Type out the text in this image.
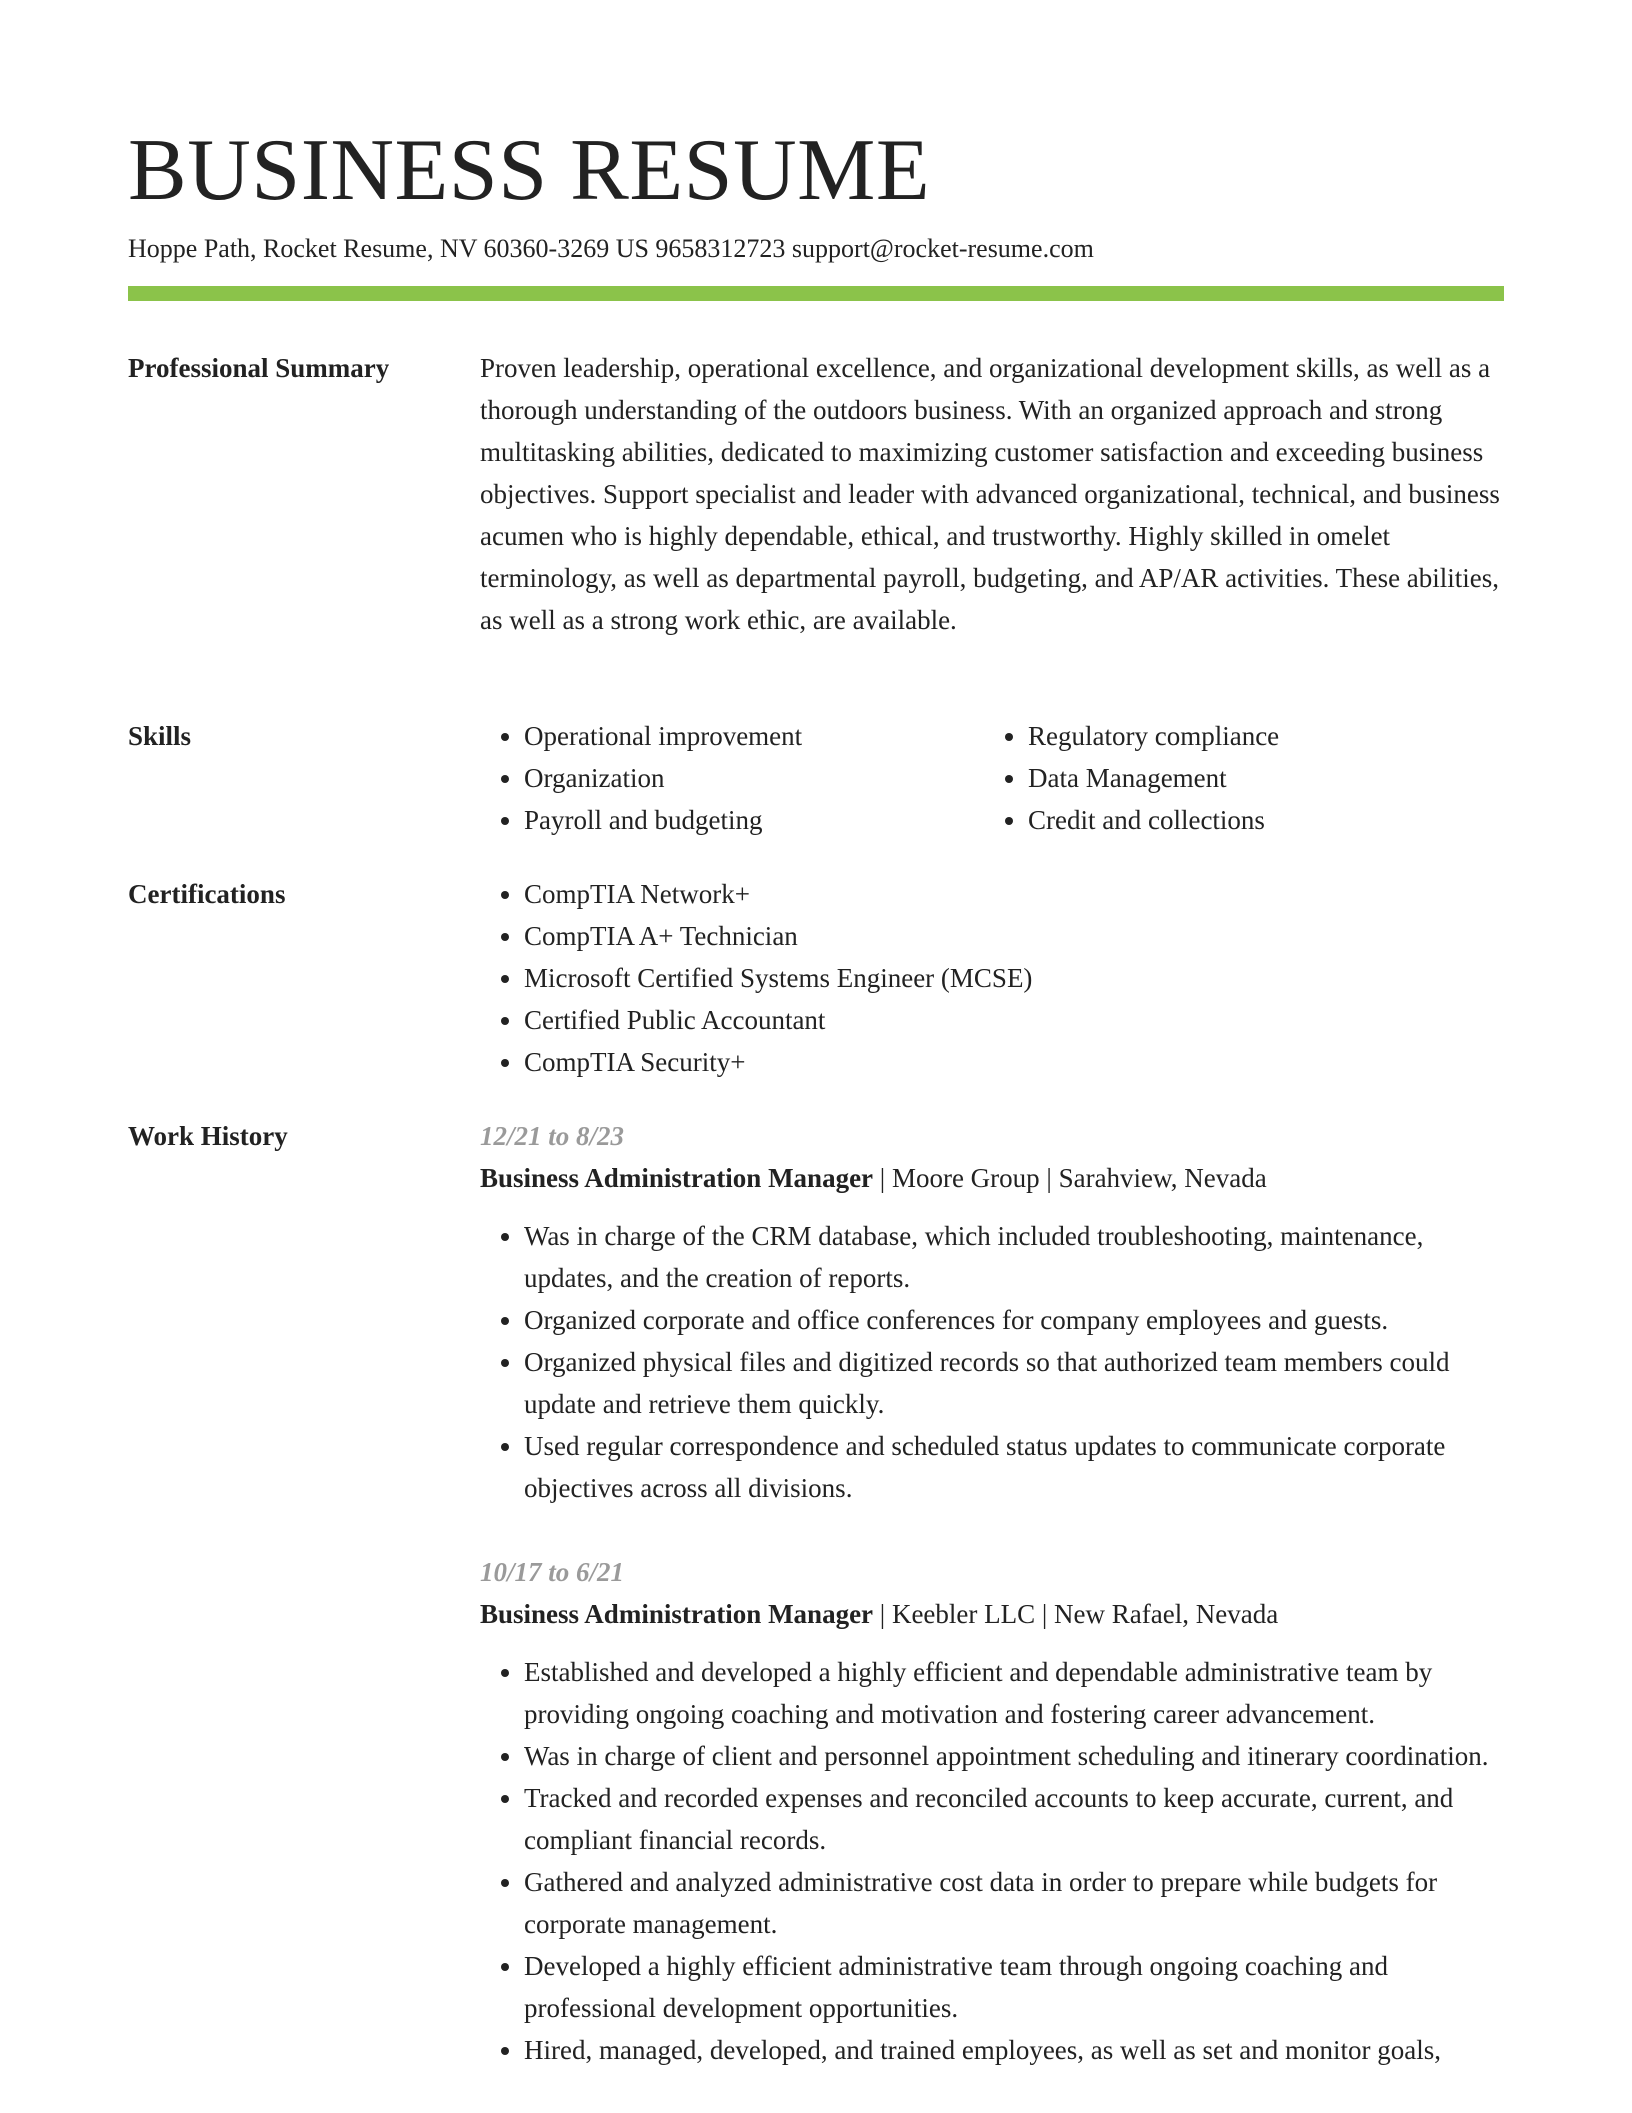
BUSINESS RESUME
Hoppe Path, Rocket Resume, NV 60360-3269 US 9658312723 support@rocket-resume.com
Professional Summary	Proven leadership, operational excellence, and organizational development skills, as well as a thorough understanding of the outdoors business. With an organized approach and strong multitasking abilities, dedicated to maximizing customer satisfaction and exceeding business objectives. Support specialist and leader with advanced organizational, technical, and business acumen who is highly dependable, ethical, and trustworthy. Highly skilled in omelet terminology, as well as departmental payroll, budgeting, and AP/AR activities. These abilities, as well as a strong work ethic, are available.

Skills	• Operational improvement
• Organization
• Payroll and budgeting
• Regulatory compliance
• Data Management
• Credit and collections
Certifications	• CompTIA Network+
• CompTIA A+ Technician
• Microsoft Certified Systems Engineer (MCSE)
• Certified Public Accountant
• CompTIA Security+
Work History	12/21 to 8/23
Business Administration Manager | Moore Group | Sarahview, Nevada
• Was in charge of the CRM database, which included troubleshooting, maintenance, updates, and the creation of reports.
• Organized corporate and office conferences for company employees and guests.
• Organized physical files and digitized records so that authorized team members could update and retrieve them quickly.
• Used regular correspondence and scheduled status updates to communicate corporate objectives across all divisions.
10/17 to 6/21
Business Administration Manager | Keebler LLC | New Rafael, Nevada
• Established and developed a highly efficient and dependable administrative team by providing ongoing coaching and motivation and fostering career advancement.
• Was in charge of client and personnel appointment scheduling and itinerary coordination.
• Tracked and recorded expenses and reconciled accounts to keep accurate, current, and compliant financial records.
• Gathered and analyzed administrative cost data in order to prepare while budgets for corporate management.
• Developed a highly efficient administrative team through ongoing coaching and professional development opportunities.
• Hired, managed, developed, and trained employees, as well as set and monitor goals,
